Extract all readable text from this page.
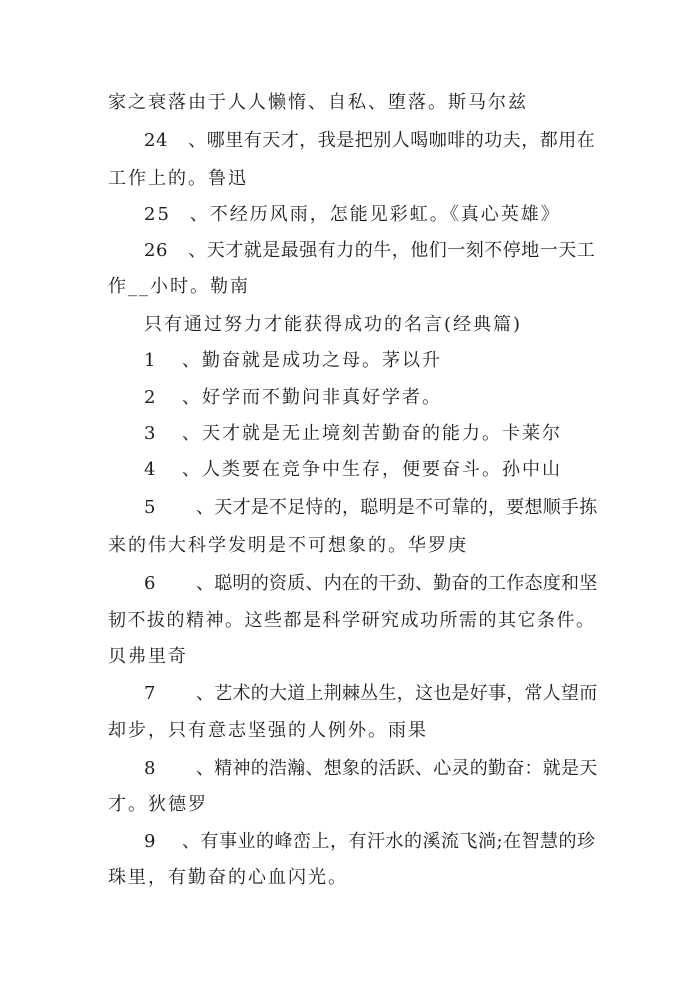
家之衰落由于人人懒惰、自私、堕落。斯马尔兹
24 、哪里有天才，我是把别人喝咖啡的功夫，都用在
工作上的。鲁迅
25 、不经历风雨，怎能见彩虹。《真心英雄》
26 、天才就是最强有力的牛，他们一刻不停地一天工
作__小时。勒南
只有通过努力才能获得成功的名言(经典篇)
1 、勤奋就是成功之母。茅以升
2 、好学而不勤问非真好学者。
3 、天才就是无止境刻苦勤奋的能力。卡莱尔
4 、人类要在竞争中生存，便要奋斗。孙中山
5 、天才是不足恃的，聪明是不可靠的，要想顺手拣
来的伟大科学发明是不可想象的。华罗庚
6 、聪明的资质、内在的干劲、勤奋的工作态度和坚
韧不拔的精神。这些都是科学研究成功所需的其它条件。
贝弗里奇
7 、艺术的大道上荆棘丛生，这也是好事，常人望而
却步，只有意志坚强的人例外。雨果
8 、精神的浩瀚、想象的活跃、心灵的勤奋：就是天
才。狄德罗
9 、有事业的峰峦上，有汗水的溪流飞淌;在智慧的珍
珠里，有勤奋的心血闪光。
